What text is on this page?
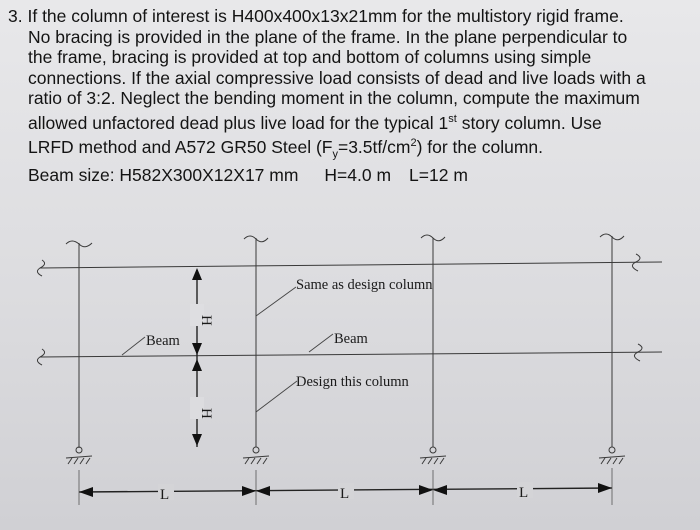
3. If the column of interest is H400x400x13x21mm for the multistory rigid frame.
No bracing is provided in the plane of the frame. In the plane perpendicular to
the frame, bracing is provided at top and bottom of columns using simple
connections. If the axial compressive load consists of dead and live loads with a
ratio of 3:2. Neglect the bending moment in the column, compute the maximum
allowed unfactored dead plus live load for the typical 1st story column. Use
LRFD method and A572 GR50 Steel $(F_y=3.5tf/cm^2)$ for the column.
Beam size: H582X300X12X17 mm H=4.0 m L=12 m
Same as design column
Beam	Beam
Design this column
H
H
L	L	L
